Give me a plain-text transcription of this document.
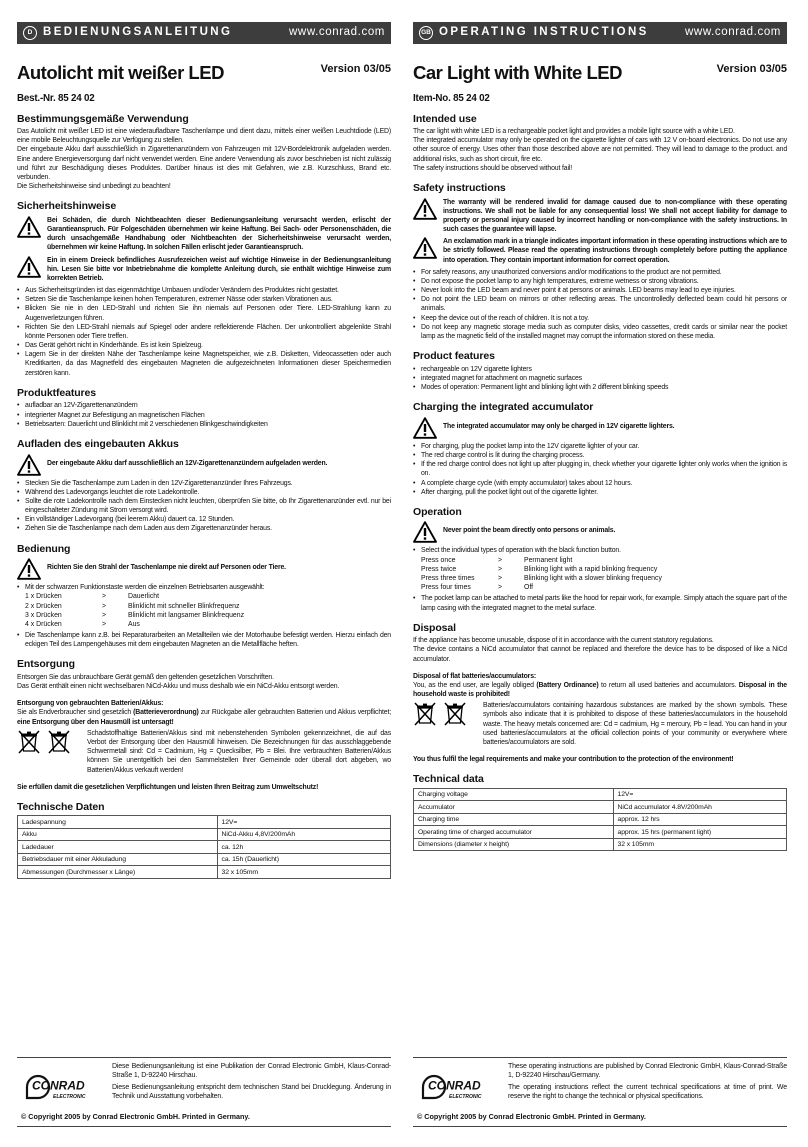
D BEDIENUNGSANLEITUNG	www.conrad.com
Autolicht mit weißer LED	Version 03/05
Best.-Nr. 85 24 02
Bestimmungsgemäße Verwendung

Das Autolicht mit weißer LED ist eine wiederaufladbare Taschenlampe und dient dazu, mittels einer weißen Leuchtdiode (LED) eine mobile Beleuchtungsquelle zur Verfügung zu stellen.

Der eingebaute Akku darf ausschließlich in Zigarettenanzündern von Fahrzeugen mit 12V-Bordelektronik aufgeladen werden. Eine andere Energieversorgung darf nicht verwendet werden. Eine andere Verwendung als zuvor beschrieben ist nicht zulässig und führt zur Beschädigung dieses Produktes. Darüber hinaus ist dies mit Gefahren, wie z.B. Kurzschluss, Brand etc. verbunden.

Die Sicherheitshinweise sind unbedingt zu beachten!

Sicherheitshinweise
Bei Schäden, die durch Nichtbeachten dieser Bedienungsanleitung verursacht werden, erlischt der Garantieanspruch. Für Folgeschäden übernehmen wir keine Haftung. Bei Sach- oder Personenschäden, die durch unsachgemäße Handhabung oder Nichtbeachten der Sicherheitshinweise verursacht werden, übernehmen wir keine Haftung. In solchen Fällen erlischt jeder Garantieanspruch.
Ein in einem Dreieck befindliches Ausrufezeichen weist auf wichtige Hinweise in der Bedienungsanleitung hin. Lesen Sie bitte vor Inbetriebnahme die komplette Anleitung durch, sie enthält wichtige Hinweise zum korrekten Betrieb.
• Aus Sicherheitsgründen ist das eigenmächtige Umbauen und/oder Verändern des Produktes nicht gestattet.
• Setzen Sie die Taschenlampe keinen hohen Temperaturen, extremer Nässe oder starken Vibrationen aus.
• Blicken Sie nie in den LED-Strahl und richten Sie ihn niemals auf Personen oder Tiere. LED-Strahlung kann zu Augenverletzungen führen.
• Richten Sie den LED-Strahl niemals auf Spiegel oder andere reflektierende Flächen. Der unkontrolliert abgelenkte Strahl könnte Personen oder Tiere treffen.
• Das Gerät gehört nicht in Kinderhände. Es ist kein Spielzeug.
• Lagern Sie in der direkten Nähe der Taschenlampe keine Magnetspeicher, wie z.B. Disketten, Videocassetten oder auch Kreditkarten, da das Magnetfeld des eingebauten Magneten die aufgezeichneten Informationen dieser Speichermedien zerstören kann.
Produktfeatures
• aufladbar an 12V-Zigarettenanzündern
• integrierter Magnet zur Befestigung an magnetischen Flächen
• Betriebsarten: Dauerlicht und Blinklicht mit 2 verschiedenen Blinkgeschwindigkeiten
Aufladen des eingebauten Akkus
Der eingebaute Akku darf ausschließlich an 12V-Zigarettenanzündern aufgeladen werden.
• Stecken Sie die Taschenlampe zum Laden in den 12V-Zigarettenanzünder Ihres Fahrzeugs.
• Während des Ladevorgangs leuchtet die rote Ladekontrolle.
• Sollte die rote Ladekontrolle nach dem Einstecken nicht leuchten, überprüfen Sie bitte, ob Ihr Zigarettenanzünder evtl. nur bei eingeschalteter Zündung mit Strom versorgt wird.
• Ein vollständiger Ladevorgang (bei leerem Akku) dauert ca. 12 Stunden.
• Ziehen Sie die Taschenlampe nach dem Laden aus dem Zigarettenanzünder heraus.
Bedienung
Richten Sie den Strahl der Taschenlampe nie direkt auf Personen oder Tiere.
• Mit der schwarzen Funktionstaste werden die einzelnen Betriebsarten ausgewählt:
1 x Drücken	>	Dauerlicht
2 x Drücken	>	Blinklicht mit schneller Blinkfrequenz
3 x Drücken	>	Blinklicht mit langsamer Blinkfrequenz
4 x Drücken	>	Aus
• Die Taschenlampe kann z.B. bei Reparaturarbeiten an Metallteilen wie der Motorhaube befestigt werden. Hierzu einfach den eckigen Teil des Lampengehäuses mit dem eingebauten Magneten an die Metallfläche heften.
Entsorgung

Entsorgen Sie das unbrauchbare Gerät gemäß den geltenden gesetzlichen Vorschriften.

Das Gerät enthält einen nicht wechselbaren NiCd-Akku und muss deshalb wie ein NiCd-Akku entsorgt werden.

Entsorgung von gebrauchten Batterien/Akkus:

Sie als Endverbraucher sind gesetzlich (Batterieverordnung) zur Rückgabe aller gebrauchten Batterien und Akkus verpflichtet; eine Entsorgung über den Hausmüll ist untersagt!

Schadstoffhaltige Batterien/Akkus sind mit nebenstehenden Symbolen gekennzeichnet, die auf das Verbot der Entsorgung über den Hausmüll hinweisen. Die Bezeichnungen für das ausschlaggebende Schwermetall sind: Cd = Cadmium, Hg = Quecksilber, Pb = Blei. Ihre verbrauchten Batterien/Akkus können Sie unentgeltlich bei den Sammelstellen Ihrer Gemeinde oder überall dort abgeben, wo Batterien/Akkus verkauft werden!

Sie erfüllen damit die gesetzlichen Verpflichtungen und leisten Ihren Beitrag zum Umweltschutz!

Technische Daten
Ladespannung	12V=
Akku	NiCd-Akku 4,8V/200mAh
Ladedauer	ca. 12h
Betriebsdauer mit einer Akkuladung	ca. 15h (Dauerlicht)
Abmessungen (Durchmesser x Länge)	32 x 105mm
GB OPERATING INSTRUCTIONS	www.conrad.com
Car Light with White LED	Version 03/05
Item-No. 85 24 02
Intended use

The car light with white LED is a rechargeable pocket light and provides a mobile light source with a white LED.

The integrated accumulator may only be operated on the cigarette lighter of cars with 12 V on-board electronics. Do not use any other source of energy. Uses other than those described above are not permitted. They will lead to damage to the product. and additional risks, such as short circuit, fire etc.

The safety instructions should be observed without fail!

Safety instructions
The warranty will be rendered invalid for damage caused due to non-compliance with these operating instructions. We shall not be liable for any consequential loss! We shall not accept liability for damage to property or personal injury caused by incorrect handling or non-compliance with the safety instructions. In such cases the guarantee will lapse.
An exclamation mark in a triangle indicates important information in these operating instructions which are to be strictly followed. Please read the operating instructions through completely before putting the appliance into operation. They contain important information for correct operation.
• For safety reasons, any unauthorized conversions and/or modifications to the product are not permitted.
• Do not expose the pocket lamp to any high temperatures, extreme wetness or strong vibrations.
• Never look into the LED beam and never point it at persons or animals. LED beams may lead to eye injuries.
• Do not point the LED beam on mirrors or other reflecting areas. The uncontrolledly deflected beam could hit persons or animals.
• Keep the device out of the reach of children. It is not a toy.
• Do not keep any magnetic storage media such as computer disks, video cassettes, credit cards or similar near the pocket lamp as the magnetic field of the installed magnet may corrupt the information stored on these media.
Product features
• rechargeable on 12V cigarette lighters
• integrated magnet for attachment on magnetic surfaces
• Modes of operation: Permanent light and blinking light with 2 different blinking speeds
Charging the integrated accumulator
The integrated accumulator may only be charged in 12V cigarette lighters.
• For charging, plug the pocket lamp into the 12V cigarette lighter of your car.
• The red charge control is lit during the charging process.
• If the red charge control does not light up after plugging in, check whether your cigarette lighter only works when the ignition is on.
• A complete charge cycle (with empty accumulator) takes about 12 hours.
• After charging, pull the pocket light out of the cigarette lighter.
Operation
Never point the beam directly onto persons or animals.
• Select the individual types of operation with the black function button.
Press once	>	Permanent light
Press twice	>	Blinking light with a rapid blinking frequency
Press three times	>	Blinking light with a slower blinking frequency
Press four times	>	Off
• The pocket lamp can be attached to metal parts like the hood for repair work, for example. Simply attach the square part of the lamp casing with the integrated magnet to the metal surface.
Disposal

If the appliance has become unusable, dispose of it in accordance with the current statutory regulations.

The device contains a NiCd accumulator that cannot be replaced and therefore the device has to be disposed of like a NiCd accumulator.

Disposal of flat batteries/accumulators:

You, as the end user, are legally obliged (Battery Ordinance) to return all used batteries and accumulators. Disposal in the household waste is prohibited!

Batteries/accumulators containing hazardous substances are marked by the shown symbols. These symbols also indicate that it is prohibited to dispose of these batteries/accumulators in the household waste. The heavy metals concerned are: Cd = cadmium, Hg = mercury, Pb = lead. You can hand in your used batteries/accumulators at the official collection points of your community or everywhere where batteries/accumulators are sold.

You thus fulfil the legal requirements and make your contribution to the protection of the environment!

Technical data
Charging voltage	12V=
Accumulator	NiCd accumulator 4.8V/200mAh
Charging time	approx. 12 hrs
Operating time of charged accumulator	approx. 15 hrs (permanent light)
Dimensions (diameter x height)	32 x 105mm
CONRAD
ELECTRONIC
Diese Bedienungsanleitung ist eine Publikation der Conrad Electronic GmbH, Klaus-Conrad-Straße 1, D-92240 Hirschau.
Diese Bedienungsanleitung entspricht dem technischen Stand bei Drucklegung. Änderung in Technik und Ausstattung vorbehalten.
© Copyright 2005 by Conrad Electronic GmbH. Printed in Germany.
CONRAD
ELECTRONIC
These operating instructions are published by Conrad Electronic GmbH, Klaus-Conrad-Straße 1, D-92240 Hirschau/Germany.
The operating instructions reflect the current technical specifications at time of print. We reserve the right to change the technical or physical specifications.
© Copyright 2005 by Conrad Electronic GmbH. Printed in Germany.
